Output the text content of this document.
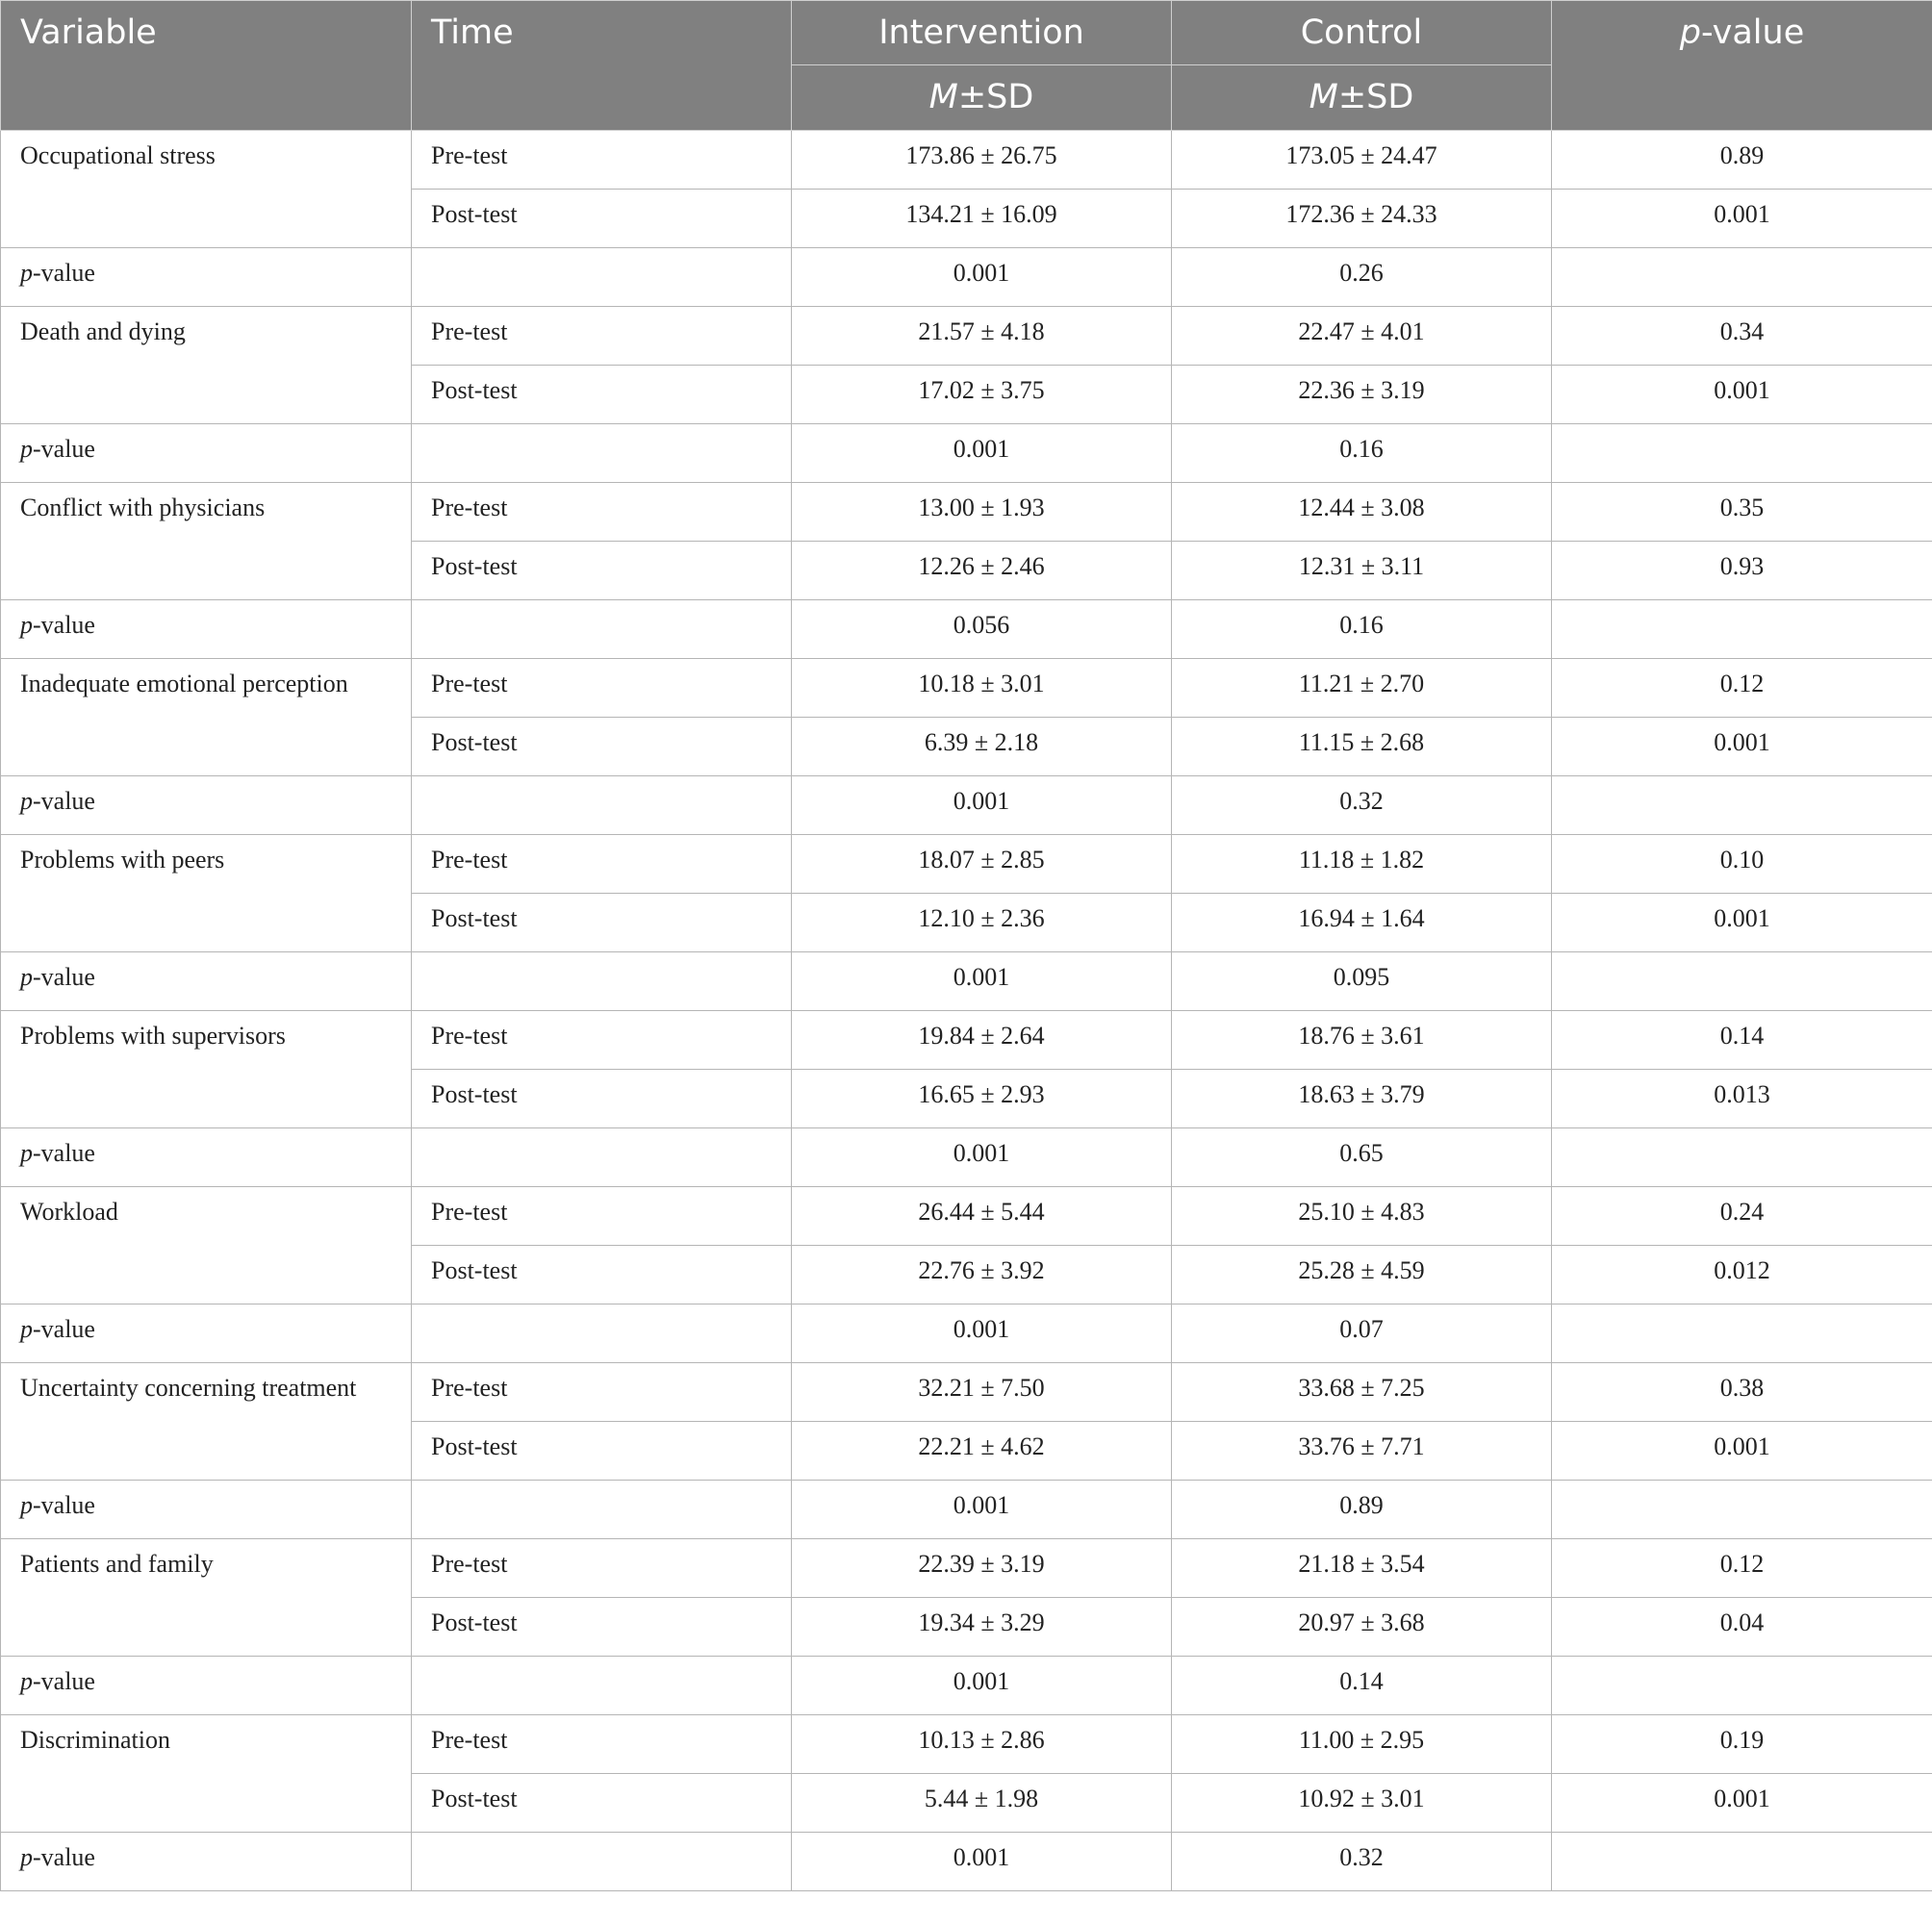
Variable	Time	Intervention	Control	p-value
		M±SD	M±SD	
Occupational stress	Pre-test	173.86 ± 26.75	173.05 ± 24.47	0.89
	Post-test	134.21 ± 16.09	172.36 ± 24.33	0.001
p-value		0.001	0.26	
Death and dying	Pre-test	21.57 ± 4.18	22.47 ± 4.01	0.34
	Post-test	17.02 ± 3.75	22.36 ± 3.19	0.001
p-value		0.001	0.16	
Conflict with physicians	Pre-test	13.00 ± 1.93	12.44 ± 3.08	0.35
	Post-test	12.26 ± 2.46	12.31 ± 3.11	0.93
p-value		0.056	0.16	
Inadequate emotional perception	Pre-test	10.18 ± 3.01	11.21 ± 2.70	0.12
	Post-test	6.39 ± 2.18	11.15 ± 2.68	0.001
p-value		0.001	0.32	
Problems with peers	Pre-test	18.07 ± 2.85	11.18 ± 1.82	0.10
	Post-test	12.10 ± 2.36	16.94 ± 1.64	0.001
p-value		0.001	0.095	
Problems with supervisors	Pre-test	19.84 ± 2.64	18.76 ± 3.61	0.14
	Post-test	16.65 ± 2.93	18.63 ± 3.79	0.013
p-value		0.001	0.65	
Workload	Pre-test	26.44 ± 5.44	25.10 ± 4.83	0.24
	Post-test	22.76 ± 3.92	25.28 ± 4.59	0.012
p-value		0.001	0.07	
Uncertainty concerning treatment	Pre-test	32.21 ± 7.50	33.68 ± 7.25	0.38
	Post-test	22.21 ± 4.62	33.76 ± 7.71	0.001
p-value		0.001	0.89	
Patients and family	Pre-test	22.39 ± 3.19	21.18 ± 3.54	0.12
	Post-test	19.34 ± 3.29	20.97 ± 3.68	0.04
p-value		0.001	0.14	
Discrimination	Pre-test	10.13 ± 2.86	11.00 ± 2.95	0.19
	Post-test	5.44 ± 1.98	10.92 ± 3.01	0.001
p-value		0.001	0.32	
